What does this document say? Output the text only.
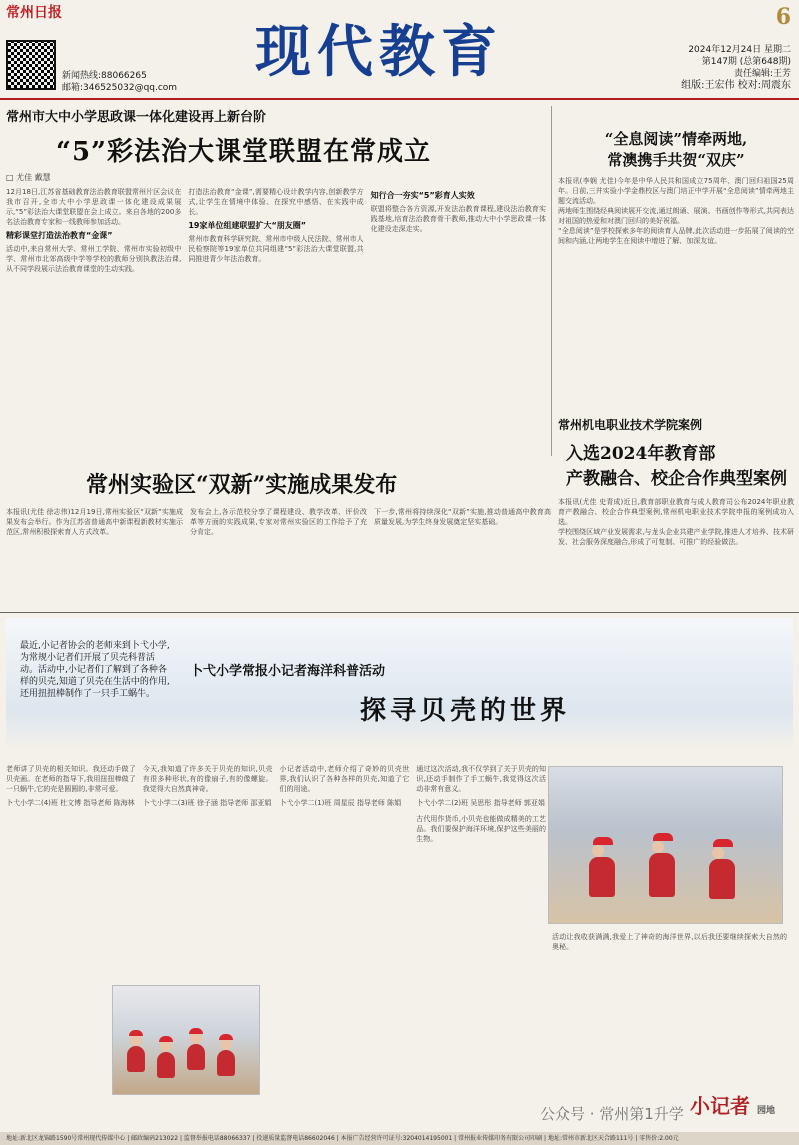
常州日报
新闻热线:88066265
邮箱:346525032@qq.com
现代教育
6
2024年12月24日 星期二
第147期 (总第648期)
责任编辑:王芳
组版:王宏伟 校对:周震东
常州市大中小学思政课一体化建设再上新台阶
“5”彩法治大课堂联盟在常成立
□ 尤佳 戴慧
12月18日,江苏省基础教育法治教育联盟常州片区会议在我市召开,全市大中小学思政课一体化建设成果展示,“5”彩法治大课堂联盟在会上成立。来自各地的200多名法治教育专家和一线教师参加活动。
精彩课堂打造法治教育“金课”
活动中,来自常州大学、常州工学院、常州市实验初级中学、常州市北郊高级中学等学校的教师分别执教法治课,从不同学段展示法治教育课堂的生动实践。
打造法治教育“金课”,需要精心设计教学内容,创新教学方式,让学生在情境中体验、在探究中感悟、在实践中成长。
19家单位组建联盟扩大“朋友圈”
常州市教育科学研究院、常州市中级人民法院、常州市人民检察院等19家单位共同组建“5”彩法治大课堂联盟,共同推进青少年法治教育。
知行合一夯实“5”彩育人实效
联盟将整合各方资源,开发法治教育课程,建设法治教育实践基地,培育法治教育骨干教师,推动大中小学思政课一体化建设走深走实。
“全息阅读”情牵两地,
常澳携手共贺“双庆”

本报讯(李娴 尤佳)今年是中华人民共和国成立75周年、澳门回归祖国25周年。日前,三井实验小学金鼎校区与澳门培正中学开展“全息阅读”情牵两地主题交流活动。

两地师生围绕经典阅读展开交流,通过朗诵、展演、书画创作等形式,共同表达对祖国的热爱和对澳门回归的美好祝福。

“全息阅读”是学校探索多年的阅读育人品牌,此次活动进一步拓展了阅读的空间和内涵,让两地学生在阅读中增进了解、加深友谊。

常州机电职业技术学院案例
入选2024年教育部
产教融合、校企合作典型案例

本报讯(尤佳 史青成)近日,教育部职业教育与成人教育司公布2024年职业教育产教融合、校企合作典型案例,常州机电职业技术学院申报的案例成功入选。

学校围绕区域产业发展需求,与龙头企业共建产业学院,推进人才培养、技术研发、社会服务深度融合,形成了可复制、可推广的经验做法。

常州实验区“双新”实施成果发布
本报讯(尤佳 徐志伟)12月19日,常州实验区“双新”实施成果发布会举行。作为江苏省普通高中新课程新教材实施示范区,常州积极探索育人方式改革。
发布会上,各示范校分享了课程建设、教学改革、评价改革等方面的实践成果,专家对常州实验区的工作给予了充分肯定。
下一步,常州将持续深化“双新”实施,推动普通高中教育高质量发展,为学生终身发展奠定坚实基础。
最近,小记者协会的老师来到卜弋小学,为常规小记者们开展了贝壳科普活动。活动中,小记者们了解到了各种各样的贝壳,知道了贝壳在生活中的作用,还用扭扭棒制作了一只手工蜗牛。
卜弋小学常报小记者海洋科普活动
探寻贝壳的世界

老师讲了贝壳的相关知识。我还动手做了贝壳画。在老师的指导下,我用扭扭棒做了一只蜗牛,它的壳是圆圆的,非常可爱。

卜弋小学二(4)班 杜文博 指导老师 陈海林

今天,我知道了许多关于贝壳的知识,贝壳有很多种形状,有的像扇子,有的像螺旋。我觉得大自然真神奇。

卜弋小学二(3)班 徐子涵 指导老师 邵亚娟

小记者活动中,老师介绍了奇妙的贝壳世界,我们认识了各种各样的贝壳,知道了它们的用途。

卜弋小学二(1)班 周星辰 指导老师 陈娟

通过这次活动,我不仅学到了关于贝壳的知识,还动手制作了手工蜗牛,我觉得这次活动非常有意义。

卜弋小学二(2)班 吴思彤 指导老师 郭亚娟

古代用作货币,小贝壳也能做成精美的工艺品。我们要保护海洋环境,保护这些美丽的生物。

活动让我收获满满,我爱上了神奇的海洋世界,以后我还要继续探索大自然的奥秘。

小记者 园地
公众号 · 常州第1升学
地址:新北区龙锦路1590号常州现代传媒中心 | 邮政编码213022 | 监督举报电话88066337 | 投递质量监督电话86602046 | 本报广告经营许可证号:3204014195001 | 常州报业传媒印务有限公司印刷 | 地址:常州市新北区天合路111号 | 零售价:2.00元
